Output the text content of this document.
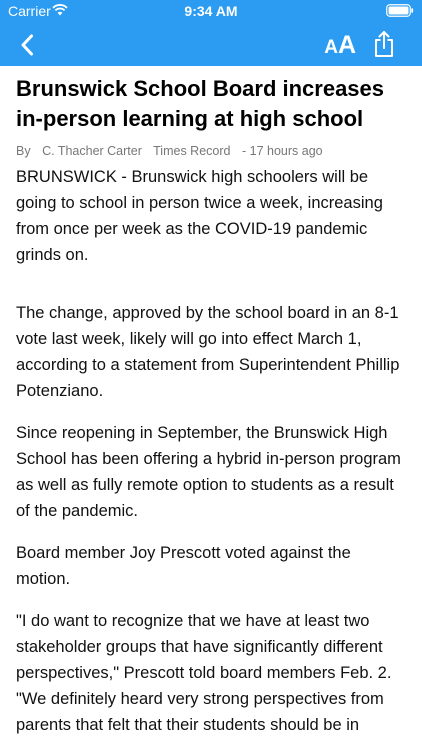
Carrier	9:34 AM
A A
Brunswick School Board increases in-person learning at high school
By C. Thacher Carter Times Record - 17 hours ago

BRUNSWICK - Brunswick high schoolers will be going to school in person twice a week, increasing from once per week as the COVID-19 pandemic grinds on.

The change, approved by the school board in an 8-1 vote last week, likely will go into effect March 1, according to a statement from Superintendent Phillip Potenziano.

Since reopening in September, the Brunswick High School has been offering a hybrid in-person program as well as fully remote option to students as a result of the pandemic.

Board member Joy Prescott voted against the motion.

"I do want to recognize that we have at least two stakeholder groups that have significantly different perspectives," Prescott told board members Feb. 2. "We definitely heard very strong perspectives from parents that felt that their students should be in
